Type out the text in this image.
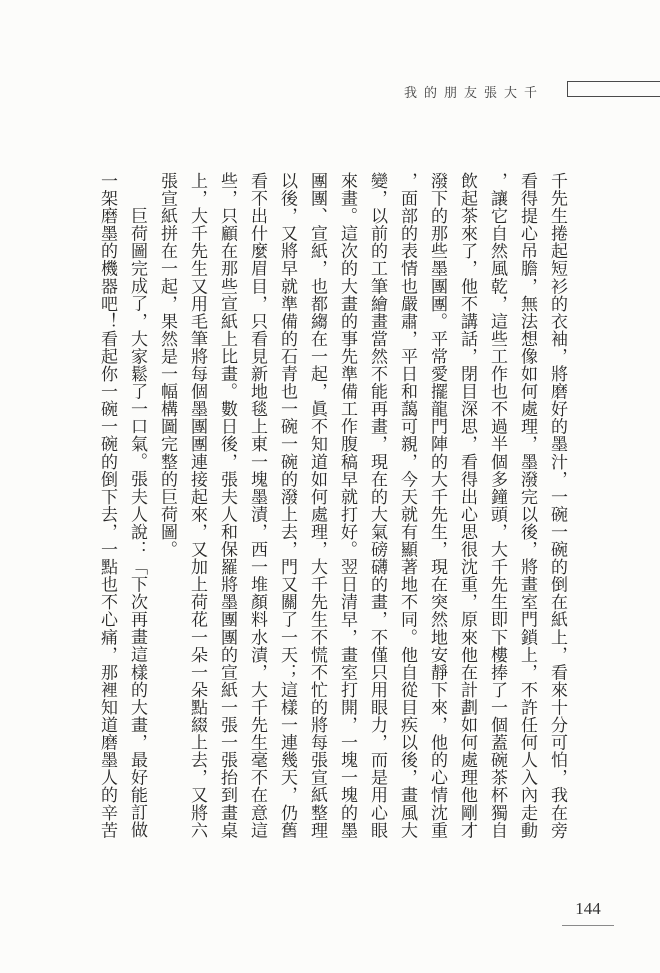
我的朋友張大千
千先生捲起短衫的衣袖，將磨好的墨汁，一碗一碗的倒在紙上，看來十分可怕，我在旁
看得提心吊膽，無法想像如何處理，墨潑完以後，將畫室門鎖上，不許任何人入內走動
，讓它自然風乾，這些工作也不過半個多鐘頭，大千先生即下樓捧了一個蓋碗茶杯獨自
飲起茶來了，他不講話，閉目深思，看得出心思很沈重，原來他在計劃如何處理他剛才
潑下的那些墨團團。平常愛擺龍門陣的大千先生，現在突然地安靜下來，他的心情沈重
，面部的表情也嚴肅，平日和藹可親，今天就有顯著地不同。他自從目疾以後，畫風大
變，以前的工筆繪畫當然不能再畫，現在的大氣磅礴的畫，不僅只用眼力，而是用心眼
來畫。這次的大畫的事先準備工作腹稿早就打好。翌日清早，畫室打開，一塊一塊的墨
團團、宣紙，也都縐在一起，眞不知道如何處理，大千先生不慌不忙的將每張宣紙整理
以後，又將早就準備的石青也一碗一碗的潑上去，門又關了一天；這樣一連幾天，仍舊
看不出什麼眉目，只看見新地毯上東一塊墨漬，西一堆顏料水漬，大千先生毫不在意這
些，只顧在那些宣紙上比畫。數日後，張夫人和保羅將墨團團的宣紙一張一張抬到畫桌
上，大千先生又用毛筆將每個墨團團連接起來，又加上荷花一朵一朵點綴上去，又將六
張宣紙拼在一起，果然是一幅構圖完整的巨荷圖。
巨荷圖完成了，大家鬆了一口氣。張夫人說：「下次再畫這樣的大畫，最好能訂做
一架磨墨的機器吧！看起你一碗一碗的倒下去，一點也不心痛，那裡知道磨墨人的辛苦
144
